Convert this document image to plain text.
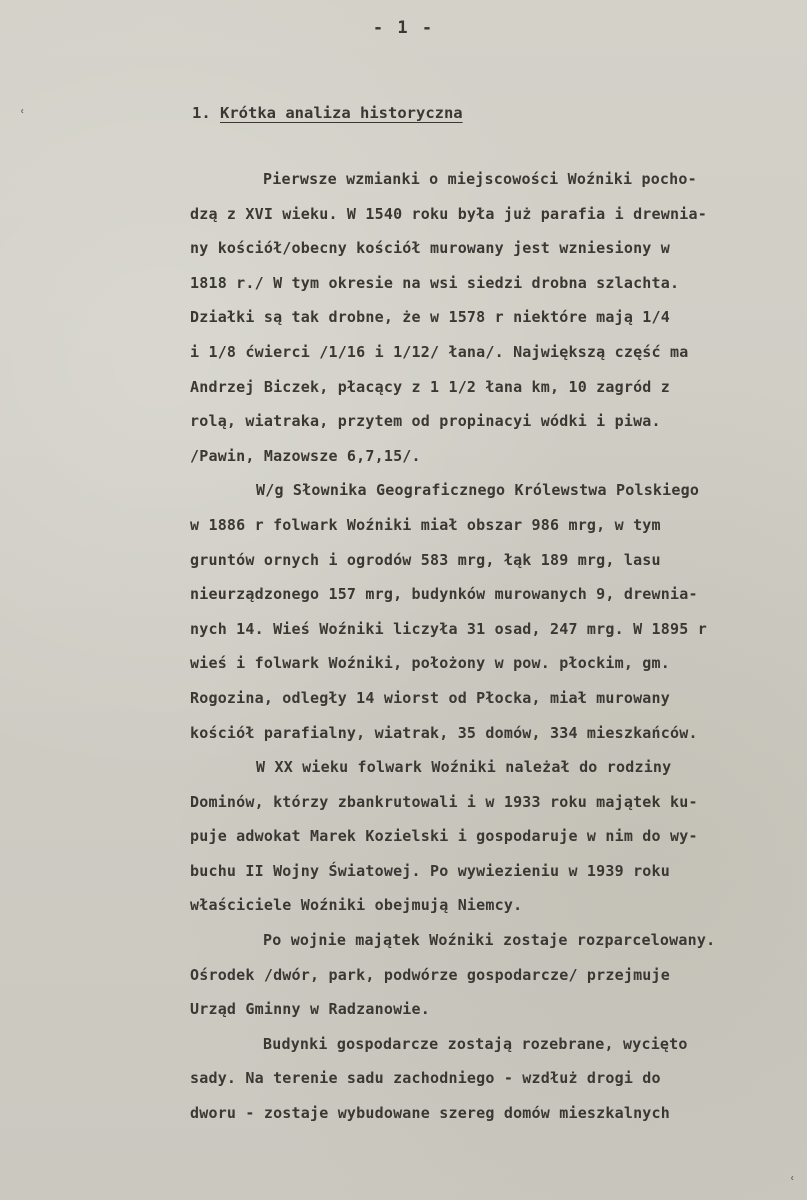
- 1 -
ʿ
ʿ
1. Krótka analiza historyczna
Pierwsze wzmianki o miejscowości Woźniki pocho-
dzą z XVI wieku. W 1540 roku była już parafia i drewnia-
ny kościół/obecny kościół murowany jest wzniesiony w
1818 r./ W tym okresie na wsi siedzi drobna szlachta.
Działki są tak drobne, że w 1578 r niektóre mają 1/4
i 1/8 ćwierci /1/16 i 1/12/ łana/. Największą część ma
Andrzej Biczek, płacący z 1 1/2 łana km, 10 zagród z
rolą, wiatraka, przytem od propinacyi wódki i piwa.
/Pawin, Mazowsze 6,7,15/.
W/g Słownika Geograficznego Królewstwa Polskiego
w 1886 r folwark Woźniki miał obszar 986 mrg, w tym
gruntów ornych i ogrodów 583 mrg, łąk 189 mrg, lasu
nieurządzonego 157 mrg, budynków murowanych 9, drewnia-
nych 14. Wieś Woźniki liczyła 31 osad, 247 mrg. W 1895 r
wieś i folwark Woźniki, położony w pow. płockim, gm.
Rogozina, odległy 14 wiorst od Płocka, miał murowany
kościół parafialny, wiatrak, 35 domów, 334 mieszkańców.
W XX wieku folwark Woźniki należał do rodziny
Dominów, którzy zbankrutowali i w 1933 roku majątek ku-
puje adwokat Marek Kozielski i gospodaruje w nim do wy-
buchu II Wojny Światowej. Po wywiezieniu w 1939 roku
właściciele Woźniki obejmują Niemcy.
Po wojnie majątek Woźniki zostaje rozparcelowany.
Ośrodek /dwór, park, podwórze gospodarcze/ przejmuje
Urząd Gminny w Radzanowie.
Budynki gospodarcze zostają rozebrane, wycięto
sady. Na terenie sadu zachodniego - wzdłuż drogi do
dworu - zostaje wybudowane szereg domów mieszkalnych
